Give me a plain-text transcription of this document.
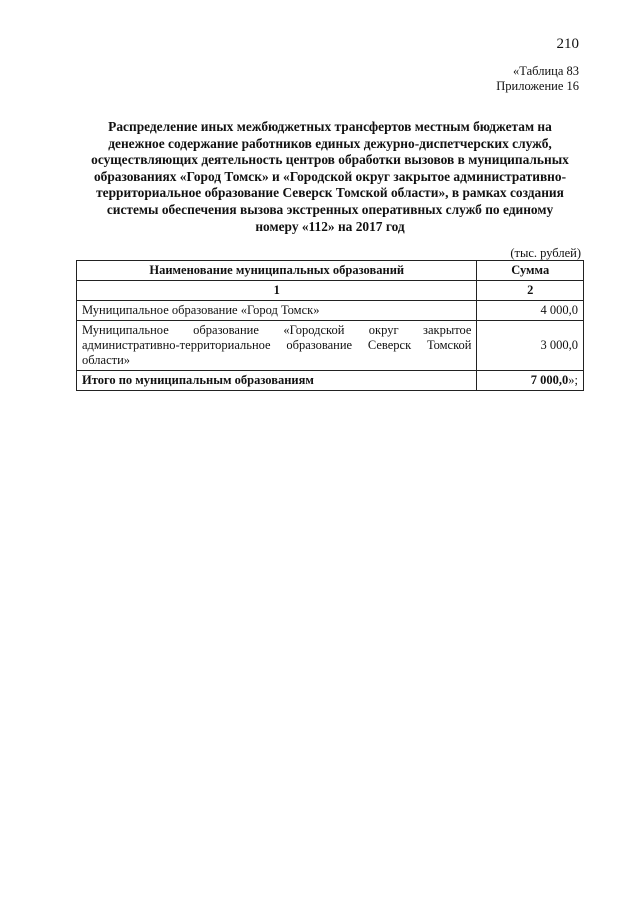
210
«Таблица 83
Приложение 16
Распределение иных межбюджетных трансфертов местным бюджетам на
денежное содержание работников единых дежурно-диспетчерских служб,
осуществляющих деятельность центров обработки вызовов в муниципальных
образованиях «Город Томск» и «Городской округ закрытое административно-
территориальное образование Северск Томской области», в рамках создания
системы обеспечения вызова экстренных оперативных служб по единому
номеру «112» на 2017 год
(тыс. рублей)
Наименование муниципальных образований	Сумма
1	2
Муниципальное образование «Город Томск»	4 000,0
Муниципальное образование «Городской округ закрытое административно-территориальное образование Северск Томской области»	3 000,0
Итого по муниципальным образованиям	7 000,0»;
